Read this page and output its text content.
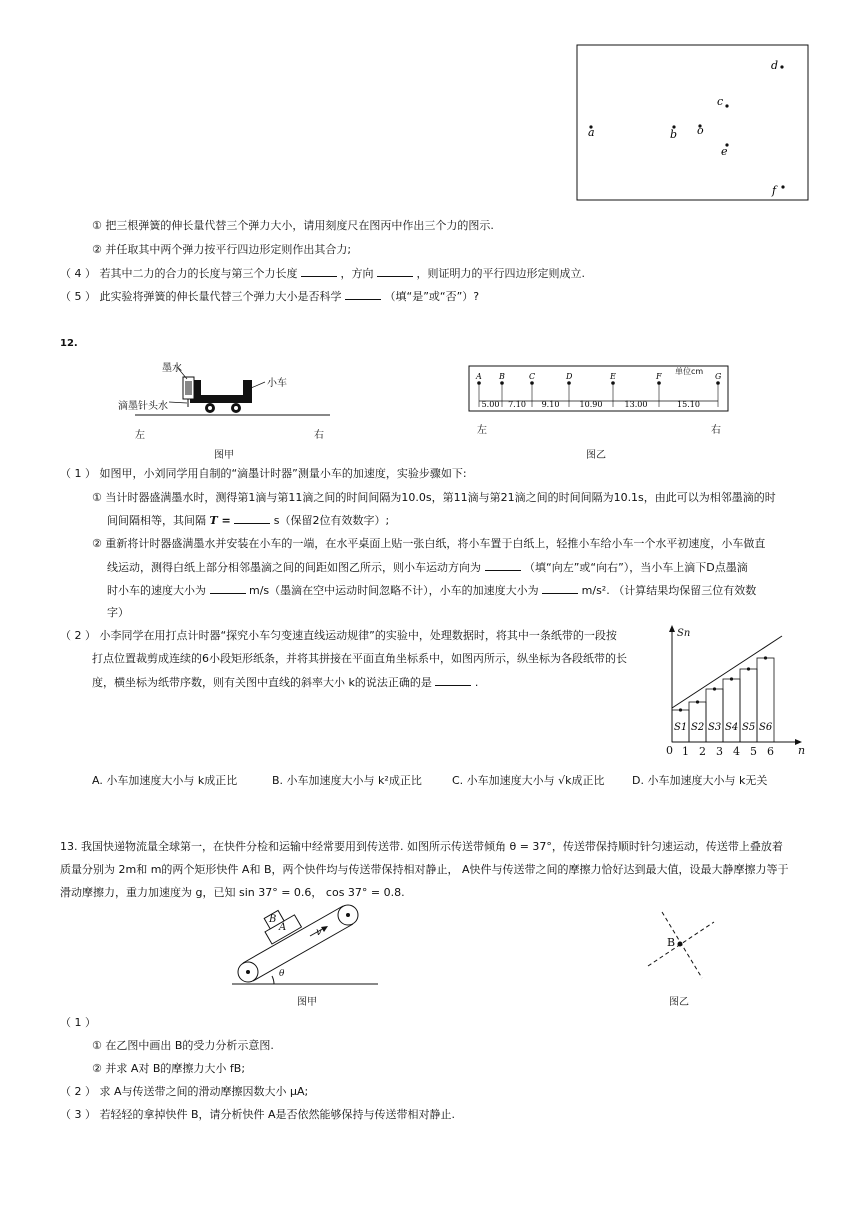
d
c
a	b o
e
f
① 把三根弹簧的伸长量代替三个弹力大小，请用刻度尺在图丙中作出三个力的图示.
② 并任取其中两个弹力按平行四边形定则作出其合力;
（ 4 ） 若其中二力的合力的长度与第三个力长度	，方向	，则证明力的平行四边形定则成立.
（ 5 ） 此实验将弹簧的伸长量代替三个弹力大小是否科学	（填“是”或“否”）?
12.
墨水
滴墨针头水
小车
左	右
图甲
A B	C	D	E	F	G
5.00 7.10 9.10	10.90	13.00	15.10
单位cm
左	右
图乙
（ 1 ） 如图甲，小刘同学用自制的“滴墨计时器”测量小车的加速度，实验步骤如下:
① 当计时器盛满墨水时，测得第1滴与第11滴之间的时间间隔为10.0s，第11滴与第21滴之间的时间间隔为10.1s，由此可以为相邻墨滴的时
间间隔相等，其间隔 T =	s（保留2位有效数字）;
② 重新将计时器盛满墨水并安装在小车的一端，在水平桌面上贴一张白纸，将小车置于白纸上，轻推小车给小车一个水平初速度，小车做直
线运动，测得白纸上部分相邻墨滴之间的间距如图乙所示，则小车运动方向为	（填“向左”或“向右”），当小车上滴下D点墨滴
时小车的速度大小为	m/s（墨滴在空中运动时间忽略不计），小车的加速度大小为	m/s². （计算结果均保留三位有效数
字）
（ 2 ） 小李同学在用打点计时器“探究小车匀变速直线运动规律”的实验中，处理数据时，将其中一条纸带的一段按
打点位置裁剪成连续的6小段矩形纸条，并将其拼接在平面直角坐标系中，如图丙所示，纵坐标为各段纸带的长
度，横坐标为纸带序数，则有关图中直线的斜率大小 k的说法正确的是	.
S1 S2 S3 S4 S5 S6
Sn
n
0 1 2 3 4 5 6
A. 小车加速度大小与 k成正比	B. 小车加速度大小与 k²成正比	C. 小车加速度大小与 √k成正比 D. 小车加速度大小与 k无关
13. 我国快递物流量全球第一，在快件分检和运输中经常要用到传送带. 如图所示传送带倾角 θ = 37°，传送带保持顺时针匀速运动，传送带上叠放着
质量分别为 2m和 m的两个矩形快件 A和 B，两个快件均与传送带保持相对静止， A快件与传送带之间的摩擦力恰好达到最大值，设最大静摩擦力等于
滑动摩擦力，重力加速度为 g，已知 sin 37° = 0.6， cos 37° = 0.8.
A
B
v
θ
图甲
B
图乙
（ 1 ）
① 在乙图中画出 B的受力分析示意图.
② 并求 A对 B的摩擦力大小 fB;
（ 2 ） 求 A与传送带之间的滑动摩擦因数大小 μA;
（ 3 ） 若轻轻的拿掉快件 B，请分析快件 A是否依然能够保持与传送带相对静止.
